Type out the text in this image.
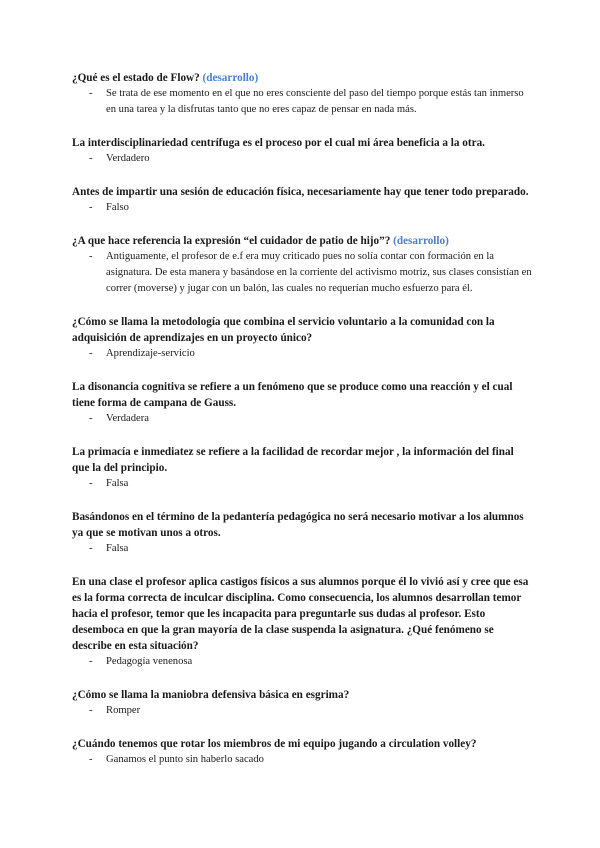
¿Qué es el estado de Flow? (desarrollo)

- Se trata de ese momento en el que no eres consciente del paso del tiempo porque estás tan inmerso en una tarea y la disfrutas tanto que no eres capaz de pensar en nada más.

La interdisciplinariedad centrífuga es el proceso por el cual mi área beneficia a la otra.

- Verdadero

Antes de impartir una sesión de educación física, necesariamente hay que tener todo preparado.

- Falso

¿A que hace referencia la expresión “el cuidador de patio de hijo”? (desarrollo)

- Antiguamente, el profesor de e.f era muy criticado pues no solía contar con formación en la asignatura. De esta manera y basándose en la corriente del activismo motriz, sus clases consistían en correr (moverse) y jugar con un balón, las cuales no requerían mucho esfuerzo para él.

¿Cómo se llama la metodología que combina el servicio voluntario a la comunidad con la adquisición de aprendizajes en un proyecto único?

- Aprendizaje-servicio

La disonancia cognitiva se refiere a un fenómeno que se produce como una reacción y el cual tiene forma de campana de Gauss.

- Verdadera

La primacía e inmediatez se refiere a la facilidad de recordar mejor , la información del final que la del principio.

- Falsa

Basándonos en el término de la pedantería pedagógica no será necesario motivar a los alumnos ya que se motivan unos a otros.

- Falsa

En una clase el profesor aplica castigos físicos a sus alumnos porque él lo vivió así y cree que esa es la forma correcta de inculcar disciplina. Como consecuencia, los alumnos desarrollan temor hacia el profesor, temor que les incapacita para preguntarle sus dudas al profesor. Esto desemboca en que la gran mayoría de la clase suspenda la asignatura. ¿Qué fenómeno se describe en esta situación?

- Pedagogía venenosa

¿Cómo se llama la maniobra defensiva básica en esgrima?

- Romper

¿Cuándo tenemos que rotar los miembros de mi equipo jugando a circulation volley?

- Ganamos el punto sin haberlo sacado
